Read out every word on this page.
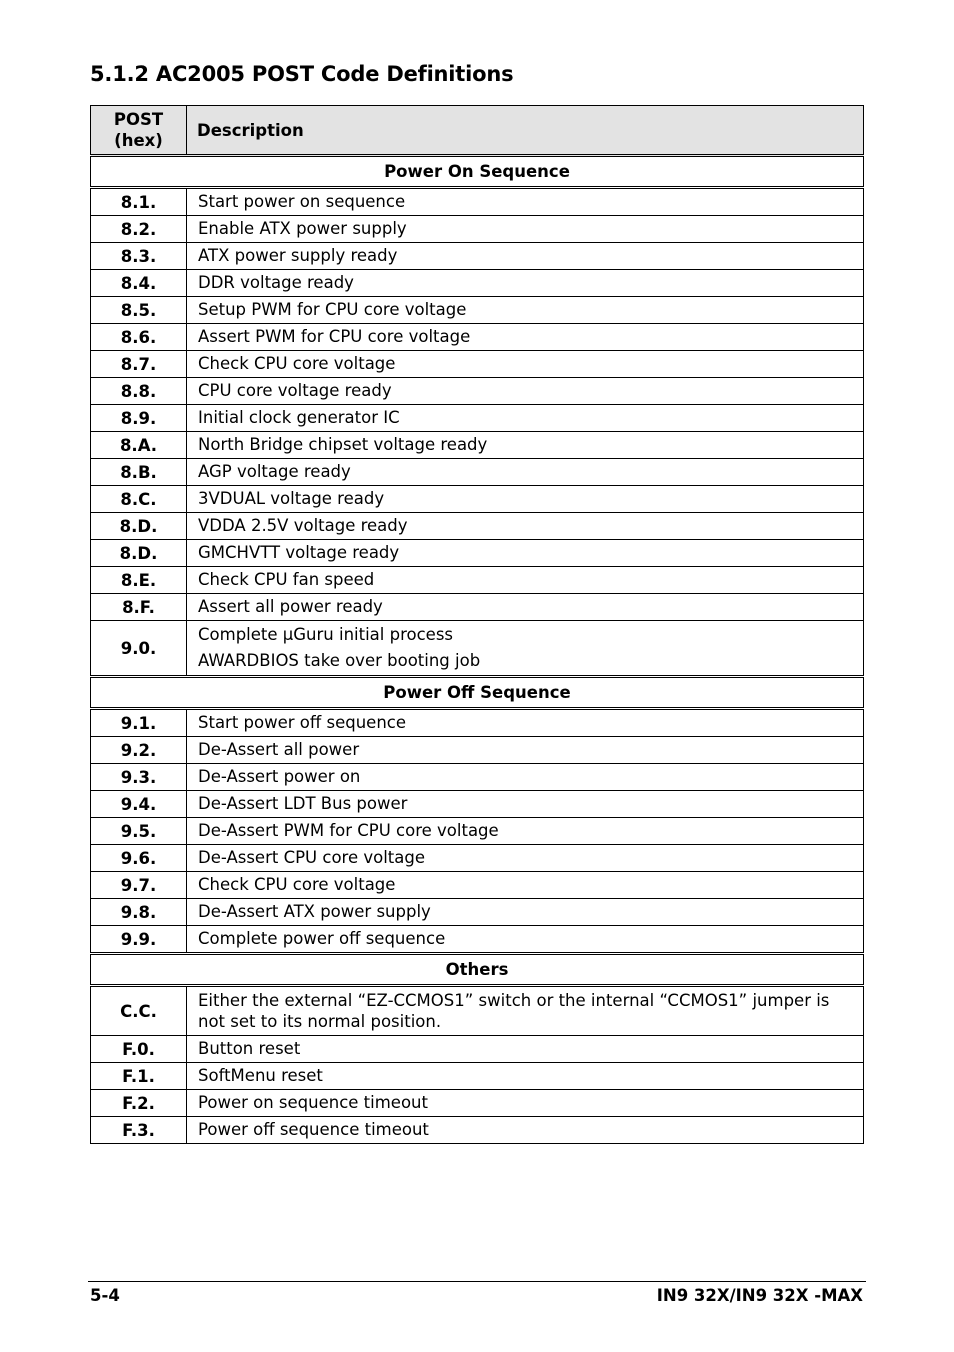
5.1.2 AC2005 POST Code Definitions
POST
(hex)	Description
Power On Sequence	
8.1.	Start power on sequence

8.2.	Enable ATX power supply

8.3.	ATX power supply ready

8.4.	DDR voltage ready

8.5.	Setup PWM for CPU core voltage

8.6.	Assert PWM for CPU core voltage

8.7.	Check CPU core voltage

8.8.	CPU core voltage ready

8.9.	Initial clock generator IC

8.A.	North Bridge chipset voltage ready

8.B.	AGP voltage ready

8.C.	3VDUAL voltage ready

8.D.	VDDA 2.5V voltage ready

8.D.	GMCHVTT voltage ready

8.E.	Check CPU fan speed

8.F.	Assert all power ready

9.0.	Complete µGuru initial process
AWARDBIOS take over booting job

Power Off Sequence	
9.1.	Start power off sequence

9.2.	De-Assert all power

9.3.	De-Assert power on

9.4.	De-Assert LDT Bus power

9.5.	De-Assert PWM for CPU core voltage

9.6.	De-Assert CPU core voltage

9.7.	Check CPU core voltage

9.8.	De-Assert ATX power supply

9.9.	Complete power off sequence

Others	
C.C.	Either the external “EZ-CCMOS1” switch or the internal “CCMOS1” jumper is not set to its normal position.

F.0.	Button reset

F.1.	SoftMenu reset

F.2.	Power on sequence timeout

F.3.	Power off sequence timeout
5-4	IN9 32X/IN9 32X -MAX
